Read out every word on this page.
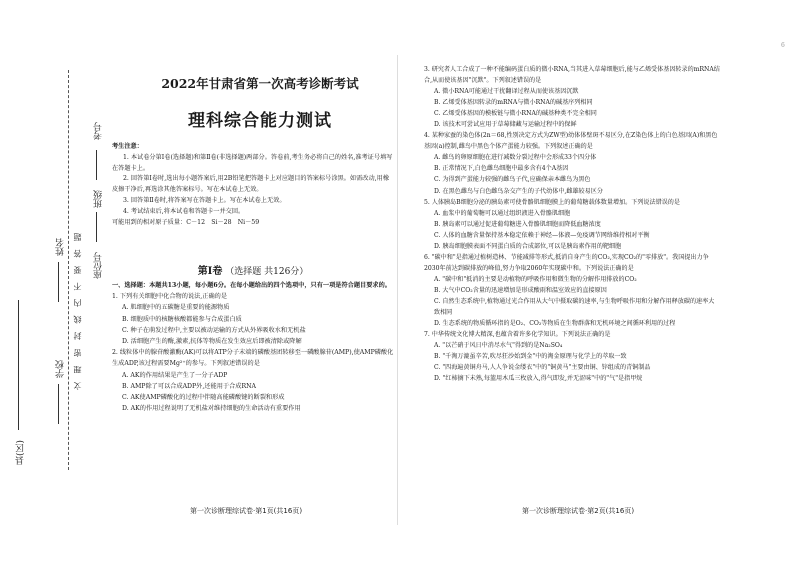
考号
班级
座位号
姓名
学校
县(区)
文 理 密 封 线 内 不 要 答 题
2022年甘肃省第一次高考诊断考试
理科综合能力测试

考生注意：

1. 本试卷分第Ⅰ卷(选择题)和第Ⅱ卷(非选择题)两部分。答卷前,考生务必将自己的姓名,准考证号填写在答题卡上。

2. 回答第Ⅰ卷时,选出每小题答案后,用2B铅笔把答题卡上对应题目的答案标号涂黑。如需改动,用橡皮擦干净后,再选涂其他答案标号。写在本试卷上无效。

3. 回答第Ⅱ卷时,将答案写在答题卡上。写在本试卷上无效。

4. 考试结束后,将本试卷和答题卡一并交回。

可能用到的相对原子质量：C－12　Si－28　Ni－59

第Ⅰ卷 （选择题 共126分）

一、选择题：本题共13小题，每小题6分。在每小题给出的四个选项中，只有一项是符合题目要求的。

1. 下列有关细胞中化合物的说法,正确的是

A. 肌细胞中的五碳糖是重要的能源物质

B. 细胞质中的核糖核酸都能参与合成蛋白质

C. 种子在萌发过程中,主要以被动运输的方式从外界吸收水和无机盐

D. 活细胞产生的酶,激素,抗体等物质在发生效应后即被清除或降解

2. 线粒体中的腺苷酸激酶(AK)可以将ATP分子末端的磷酸基团转移至一磷酸腺苷(AMP),使AMP磷酸化生成ADP,该过程需要Mg²⁺的参与。下列叙述错误的是

A. AK的作用结果是产生了一分子ADP

B. AMP除了可以合成ADP外,还能用于合成RNA

C. AK使AMP磷酸化的过程中伴随高能磷酸键的断裂和形成

D. AK的作用过程说明了无机盐对维持细胞的生命活动有重要作用

第一次诊断理综试卷·第1页(共16页)

3. 研究者人工合成了一种不能编码蛋白质的微小RNA,当其进入草莓细胞后,能与乙烯受体基因转录的mRNA结合,从而使该基因"沉默"。下列叙述错误的是

A. 微小RNA可能通过干扰翻译过程从而使该基因沉默

B. 乙烯受体基因转录的mRNA与微小RNA的碱基序列相同

C. 乙烯受体基因的模板链与微小RNA的碱基种类不完全相同

D. 该技术可尝试应用于草莓储藏与运输过程中的保鲜

4. 某种家蚕的染色体(2n＝68,性别决定方式为ZW型)幼体体壁斑不易区分,在Z染色体上的白色基因(A)和黑色基因(a)控制,雌鸟中黑色个体产蛋能力较强。下列叙述正确的是

A. 雌鸟的卵原细胞在进行减数分裂过程中会形成33个四分体

B. 正常情况下,白色雌鸟细胞中最多含有4个A基因

C. 为得到产蛋能力较强的雌鸟子代,应确保亲本雌鸟为黑色

D. 在黑色雌鸟与白色雌鸟杂交产生的子代幼体中,雌雄较易区分

5. 人体胰岛B细胞分泌的胰岛素可使骨骼肌细胞膜上的葡萄糖载体数量增加。下列说法错误的是

A. 血浆中的葡萄糖可以通过组织液进入骨骼肌细胞

B. 胰岛素可以通过促进葡萄糖进入骨骼肌细胞而降低血糖浓度

C. 人体的血糖含量保持基本稳定依赖于神经—体液—免疫调节网络维持相对平衡

D. 胰岛细胞膜表面不同蛋白质的合成部位,可以是胰岛素作用的靶细胞

6. "碳中和"是指通过植树造林、节能减排等形式,抵消自身产生的CO₂,实现CO₂的"零排放"。我国提出力争2030年前达到碳排放的峰值,努力争取2060年实现碳中和。下列说法正确的是

A. "碳中和"抵消的主要是动植物的呼吸作用和微生物的分解作用排放的CO₂

B. 大气中CO₂含量的迅速增加是形成酸雨和温室效应的直接原因

C. 自然生态系统中,植物通过光合作用从大气中摄取碳的速率,与生物呼吸作用和分解作用释放碳的速率大致相同

D. 生态系统的物质循环指的是O₂、CO₂等物质在生物群落和无机环境之间循环利用的过程

7. 中华传统文化博大精深,也蕴含着许多化学知识。下列说法正确的是

A. "以芒硝于风日中消尽水气"得到的是Na₂SO₄

B. "千淘万漉虽辛苦,吹尽狂沙始到金"中的淘金原理与化学上的萃取一致

C. "四海遍黄铜舟马,人人争说金缕衣"中的"铜黄马"主要由铜、锌组成的青铜制品

D. "红柿摘下未熟,每篮用木瓜三枚放入,得气即发,并无涩味"中的"气"是指甲烷

第一次诊断理综试卷·第2页(共16页)
6
